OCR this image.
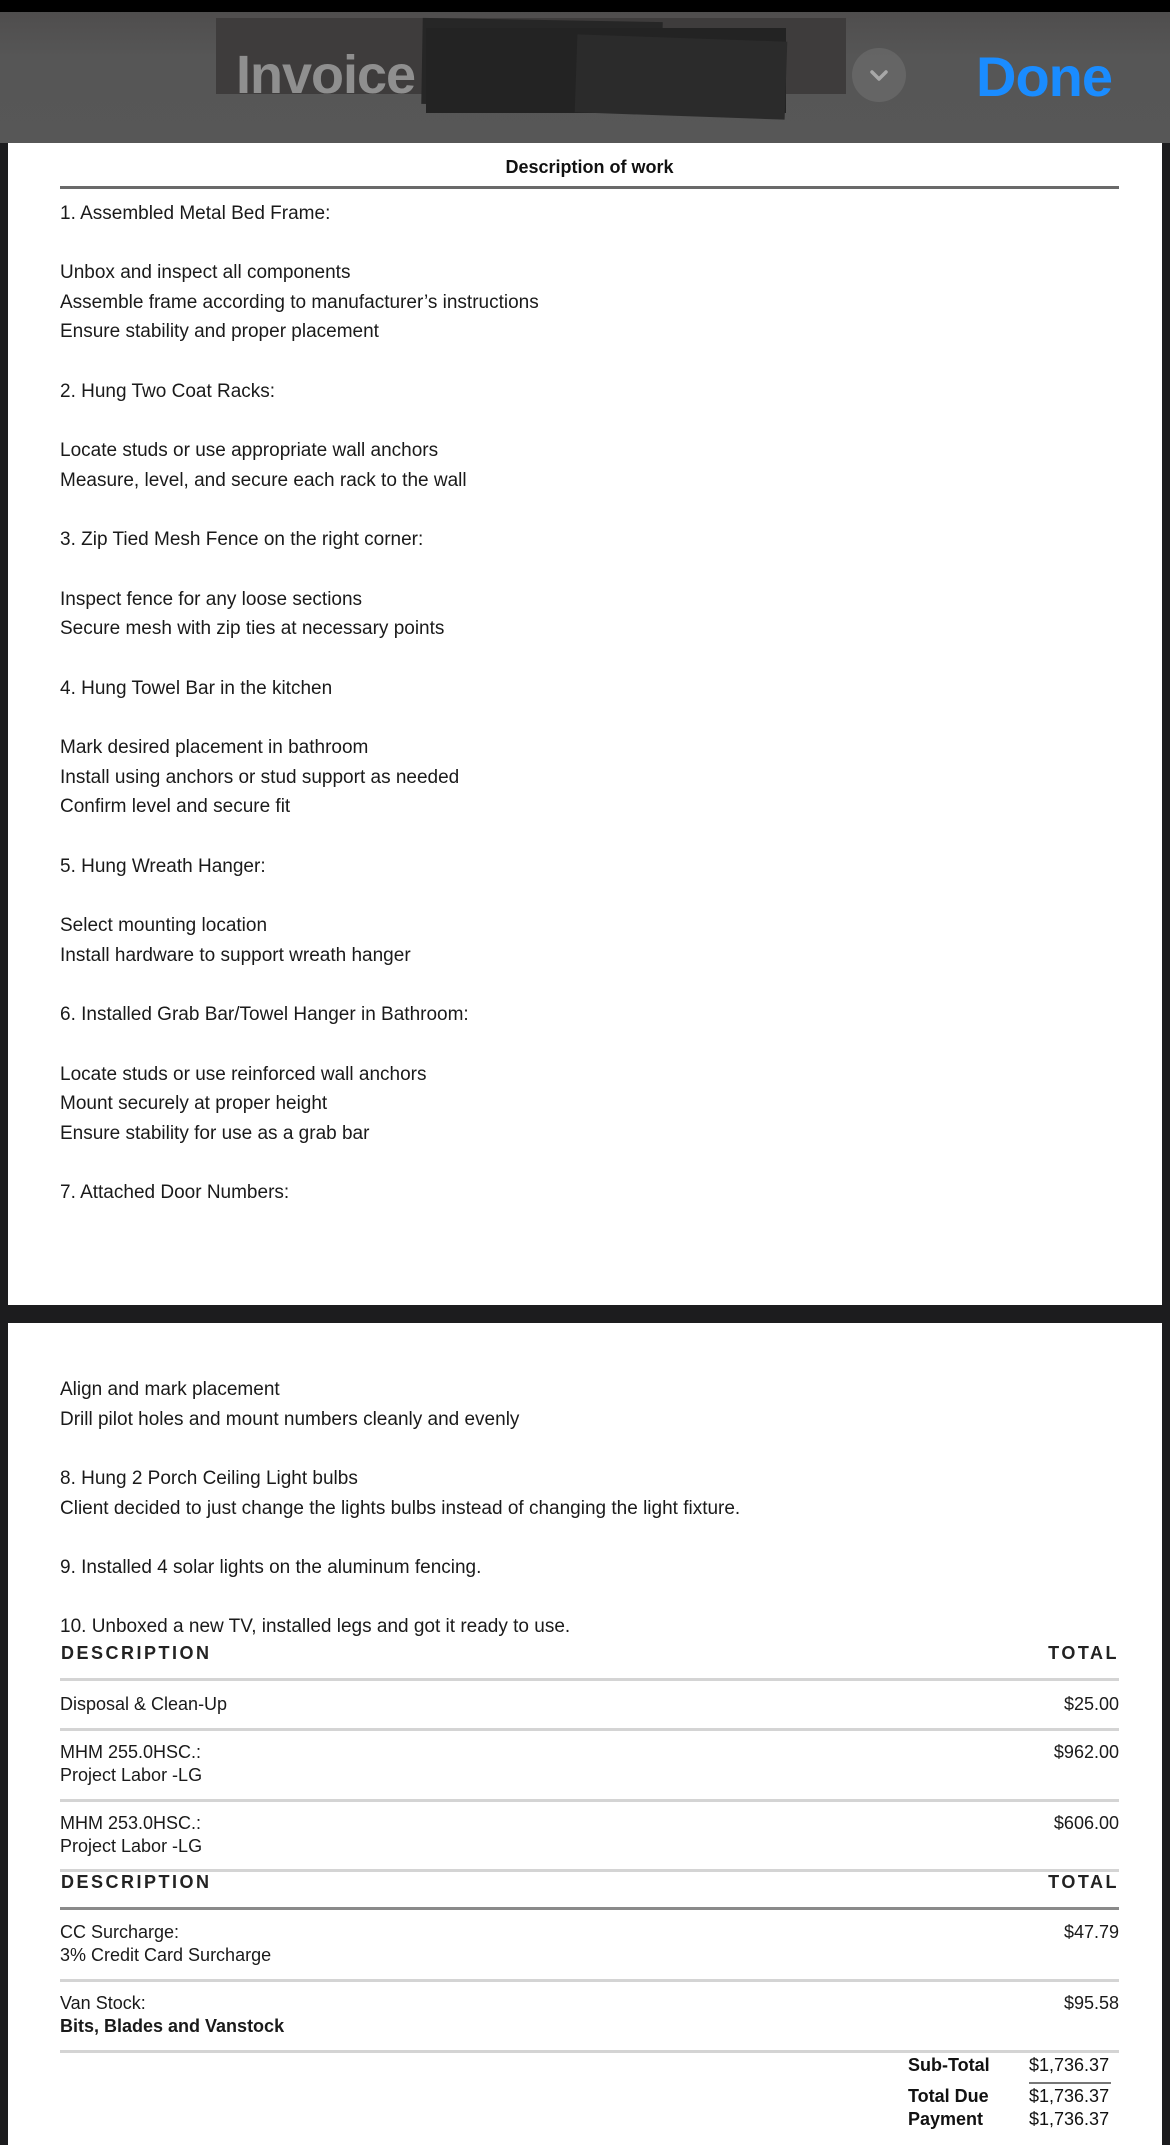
Invoice	Done
Description of work
1. Assembled Metal Bed Frame:
Unbox and inspect all components
Assemble frame according to manufacturer’s instructions
Ensure stability and proper placement
2. Hung Two Coat Racks:
Locate studs or use appropriate wall anchors
Measure, level, and secure each rack to the wall
3. Zip Tied Mesh Fence on the right corner:
Inspect fence for any loose sections
Secure mesh with zip ties at necessary points
4. Hung Towel Bar in the kitchen
Mark desired placement in bathroom
Install using anchors or stud support as needed
Confirm level and secure fit
5. Hung Wreath Hanger:
Select mounting location
Install hardware to support wreath hanger
6. Installed Grab Bar/Towel Hanger in Bathroom:
Locate studs or use reinforced wall anchors
Mount securely at proper height
Ensure stability for use as a grab bar
7. Attached Door Numbers:
Align and mark placement
Drill pilot holes and mount numbers cleanly and evenly
8. Hung 2 Porch Ceiling Light bulbs
Client decided to just change the lights bulbs instead of changing the light fixture.
9. Installed 4 solar lights on the aluminum fencing.
10. Unboxed a new TV, installed legs and got it ready to use.
DESCRIPTION	TOTAL
Disposal & Clean-Up	$25.00
MHM 255.0HSC.:
Project Labor -LG
$962.00
MHM 253.0HSC.:
Project Labor -LG
$606.00
DESCRIPTION	TOTAL
CC Surcharge:
3% Credit Card Surcharge
$47.79
Van Stock:
Bits, Blades and Vanstock
$95.58
Sub-Total $1,736.37
Total Due $1,736.37
Payment	$1,736.37
